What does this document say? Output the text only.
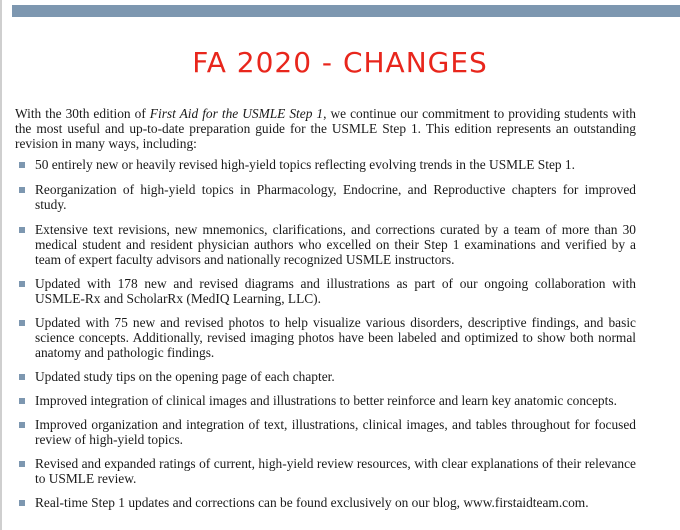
FA 2020 - CHANGES

With the 30th edition of First Aid for the USMLE Step 1, we continue our commitment to providing students with the most useful and up-to-date preparation guide for the USMLE Step 1. This edition represents an outstanding revision in many ways, including:

50 entirely new or heavily revised high-yield topics reflecting evolving trends in the USMLE Step 1.
Reorganization of high-yield topics in Pharmacology, Endocrine, and Reproductive chapters for improved study.
Extensive text revisions, new mnemonics, clarifications, and corrections curated by a team of more than 30 medical student and resident physician authors who excelled on their Step 1 examinations and verified by a team of expert faculty advisors and nationally recognized USMLE instructors.
Updated with 178 new and revised diagrams and illustrations as part of our ongoing collaboration with USMLE-Rx and ScholarRx (MedIQ Learning, LLC).
Updated with 75 new and revised photos to help visualize various disorders, descriptive findings, and basic science concepts. Additionally, revised imaging photos have been labeled and optimized to show both normal anatomy and pathologic findings.
Updated study tips on the opening page of each chapter.
Improved integration of clinical images and illustrations to better reinforce and learn key anatomic concepts.
Improved organization and integration of text, illustrations, clinical images, and tables throughout for focused review of high-yield topics.
Revised and expanded ratings of current, high-yield review resources, with clear explanations of their relevance to USMLE review.
Real-time Step 1 updates and corrections can be found exclusively on our blog, www.firstaidteam.com.
